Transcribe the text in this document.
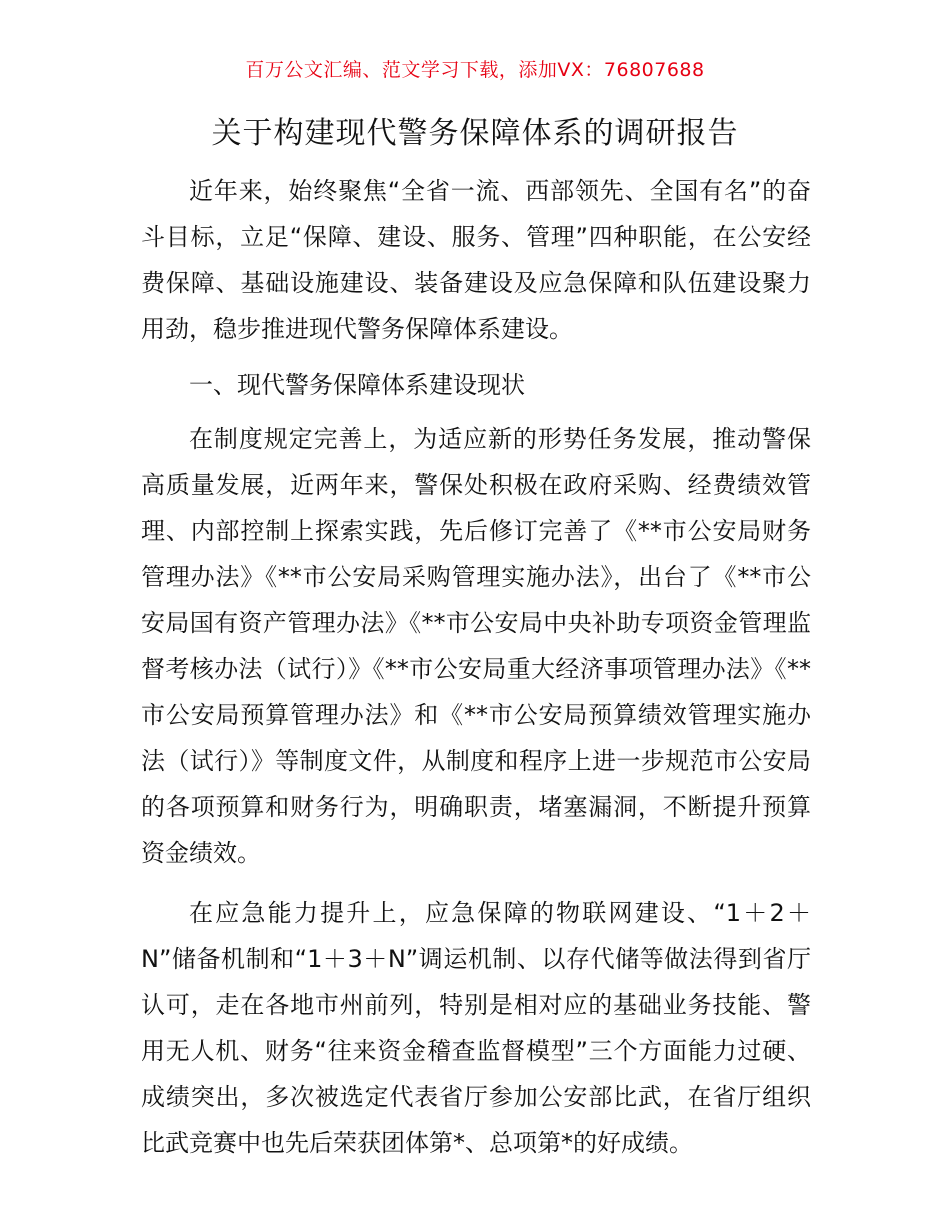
百万公文汇编、范文学习下载，添加VX：76807688
关于构建现代警务保障体系的调研报告

近年来，始终聚焦“全省一流、西部领先、全国有名”的奋斗目标，立足“保障、建设、服务、管理”四种职能，在公安经费保障、基础设施建设、装备建设及应急保障和队伍建设聚力用劲，稳步推进现代警务保障体系建设。

一、现代警务保障体系建设现状

在制度规定完善上，为适应新的形势任务发展，推动警保高质量发展，近两年来，警保处积极在政府采购、经费绩效管理、内部控制上探索实践，先后修订完善了《**市公安局财务管理办法》《**市公安局采购管理实施办法》，出台了《**市公安局国有资产管理办法》《**市公安局中央补助专项资金管理监督考核办法（试行）》《**市公安局重大经济事项管理办法》《**市公安局预算管理办法》和《**市公安局预算绩效管理实施办法（试行）》等制度文件，从制度和程序上进一步规范市公安局的各项预算和财务行为，明确职责，堵塞漏洞，不断提升预算资金绩效。

在应急能力提升上，应急保障的物联网建设、“1＋2＋N”储备机制和“1＋3＋N”调运机制、以存代储等做法得到省厅认可，走在各地市州前列，特别是相对应的基础业务技能、警用无人机、财务“往来资金稽查监督模型”三个方面能力过硬、成绩突出，多次被选定代表省厅参加公安部比武，在省厅组织比武竞赛中也先后荣获团体第*、总项第*的好成绩。
